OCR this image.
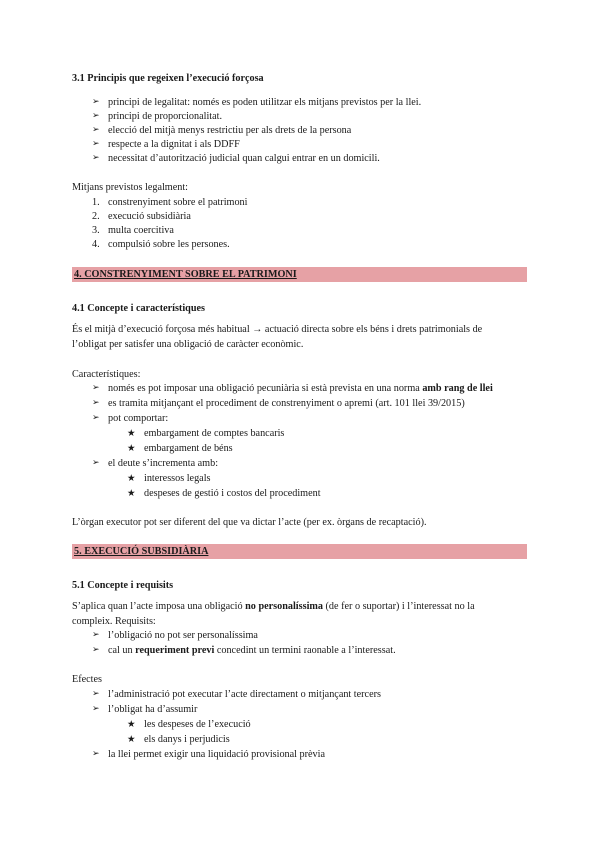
3.1 Principis que regeixen l’execució forçosa
➢ principi de legalitat: només es poden utilitzar els mitjans previstos per la llei.
➢ principi de proporcionalitat.
➢ elecció del mitjà menys restrictiu per als drets de la persona
➢ respecte a la dignitat i als DDFF
➢ necessitat d’autorització judicial quan calgui entrar en un domicili.
Mitjans previstos legalment:
1. constrenyiment sobre el patrimoni
2. execució subsidiària
3. multa coercitiva
4. compulsió sobre les persones.
4. CONSTRENYIMENT SOBRE EL PATRIMONI
4.1 Concepte i característiques
És el mitjà d’execució forçosa més habitual → actuació directa sobre els béns i drets patrimonials de
l’obligat per satisfer una obligació de caràcter econòmic.
Característiques:
➢ només es pot imposar una obligació pecuniària si està prevista en una norma amb rang de llei
➢ es tramita mitjançant el procediment de constrenyiment o apremi (art. 101 llei 39/2015)
➢ pot comportar:
★ embargament de comptes bancaris
★ embargament de béns
➢ el deute s’incrementa amb:
★ interessos legals
★ despeses de gestió i costos del procediment
L’òrgan executor pot ser diferent del que va dictar l’acte (per ex. òrgans de recaptació).
5. EXECUCIÓ SUBSIDIÀRIA
5.1 Concepte i requisits
S’aplica quan l’acte imposa una obligació no personalíssima (de fer o suportar) i l’interessat no la
compleix. Requisits:
➢ l’obligació no pot ser personalíssima
➢ cal un requeriment previ concedint un termini raonable a l’interessat.
Efectes
➢ l’administració pot executar l’acte directament o mitjançant tercers
➢ l’obligat ha d’assumir
★ les despeses de l’execució
★ els danys i perjudicis
➢ la llei permet exigir una liquidació provisional prèvia
